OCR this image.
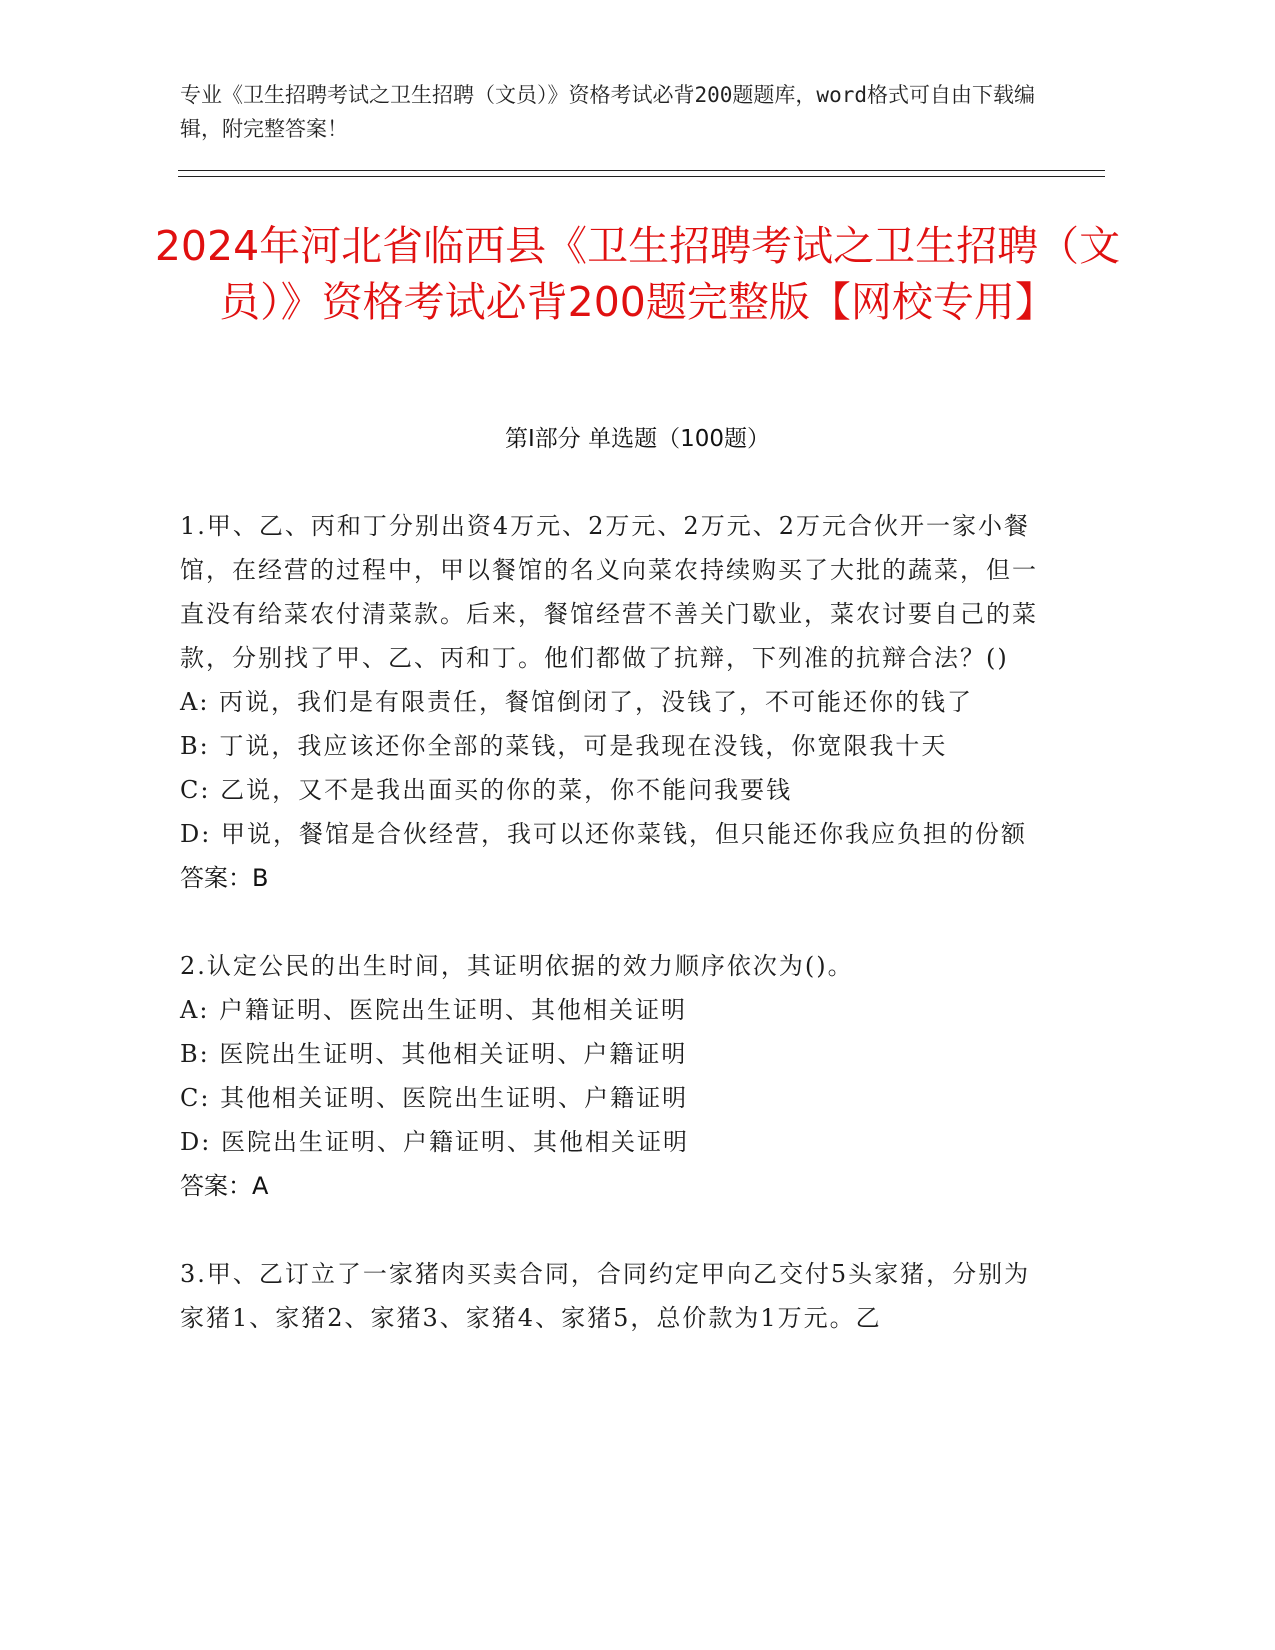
专业《卫生招聘考试之卫生招聘（文员）》资格考试必背200题题库，word格式可自由下载编辑，附完整答案！
2024年河北省临西县《卫生招聘考试之卫生招聘（文员）》资格考试必背200题完整版【网校专用】
第I部分 单选题（100题）
1.甲、乙、丙和丁分别出资4万元、2万元、2万元、2万元合伙开一家小餐馆，在经营的过程中，甲以餐馆的名义向菜农持续购买了大批的蔬菜，但一直没有给菜农付清菜款。后来，餐馆经营不善关门歇业，菜农讨要自己的菜款，分别找了甲、乙、丙和丁。他们都做了抗辩，下列准的抗辩合法？()
A: 丙说，我们是有限责任，餐馆倒闭了，没钱了，不可能还你的钱了
B: 丁说，我应该还你全部的菜钱，可是我现在没钱，你宽限我十天
C: 乙说，又不是我出面买的你的菜，你不能问我要钱
D: 甲说，餐馆是合伙经营，我可以还你菜钱，但只能还你我应负担的份额
答案：B
2.认定公民的出生时间，其证明依据的效力顺序依次为()。
A: 户籍证明、医院出生证明、其他相关证明
B: 医院出生证明、其他相关证明、户籍证明
C: 其他相关证明、医院出生证明、户籍证明
D: 医院出生证明、户籍证明、其他相关证明
答案：A
3.甲、乙订立了一家猪肉买卖合同，合同约定甲向乙交付5头家猪，分别为家猪1、家猪2、家猪3、家猪4、家猪5，总价款为1万元。乙
